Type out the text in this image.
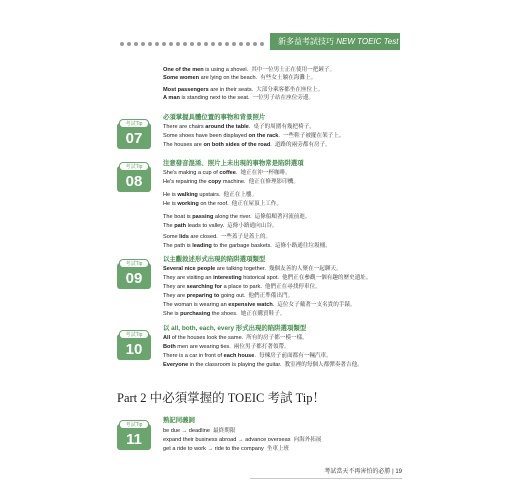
新多益考試技巧 NEW TOEIC Test Tips
One of the men is using a shovel. 其中一位男士正在使用一把鏟子。
Some women are lying on the beach. 有些女士躺在海灘上。
Most passengers are in their seats. 大部分乘客都坐在座位上。
A man is standing next to the seat. 一位男子站在座位旁邊。
考試Tip
07
必須掌握具體位置的事物和背景照片
There are chairs around the table. 桌子的周圍有幾把椅子。
Some shoes have been displayed on the rack. 一些鞋子被擺在架子上。
The houses are on both sides of the road. 道路的兩旁都有房子。
考試Tip
08
注意發音混淆、照片上未出現的事物常是陷阱選項
She's making a cup of coffee. 她正在沖一杯咖啡。
He's repairing the copy machine. 他正在修理影印機。
He is walking upstairs. 他正在上樓。
He is working on the roof. 他正在屋頂上工作。
The boat is passing along the river. 這條船順著河流前進。
The path leads to valley. 這條小路通向山谷。
Some lids are closed. 一些蓋子是蓋上的。
The path is leading to the garbage baskets. 這條小路通往垃圾桶。
考試Tip
09
以主觀敘述形式出現的陷阱選項類型
Several nice people are talking together. 幾個友善的人聚在一起聊天。
They are visiting an interesting historical spot. 他們正在參觀一個有趣的歷史遺址。
They are searching for a place to park. 他們正在尋找停車位。
They are preparing to going out. 他們正準備出門。
The woman is wearing an expensive watch. 這位女子戴著一支名貴的手錶。
She is purchasing the shoes. 她正在購買鞋子。
考試Tip
10
以 all, both, each, every 形式出現的陷阱選項類型
All of the houses look the same. 所有的房子都一模一樣。
Both men are wearing ties. 兩位男子都打著領帶。
There is a car in front of each house. 每棟房子前面都有一輛汽車。
Everyone in the classroom is playing the guitar. 教室裡的每個人都彈奏著吉他。
Part 2 中必須掌握的 TOEIC 考試 Tip！
考試Tip
11
熟記同義詞
be due → deadline 最終期限
expand their business abroad → advance overseas 向海外拓展
get a ride to work → ride to the company 坐車上班
考試當天不再害怕的必勝 | 19
